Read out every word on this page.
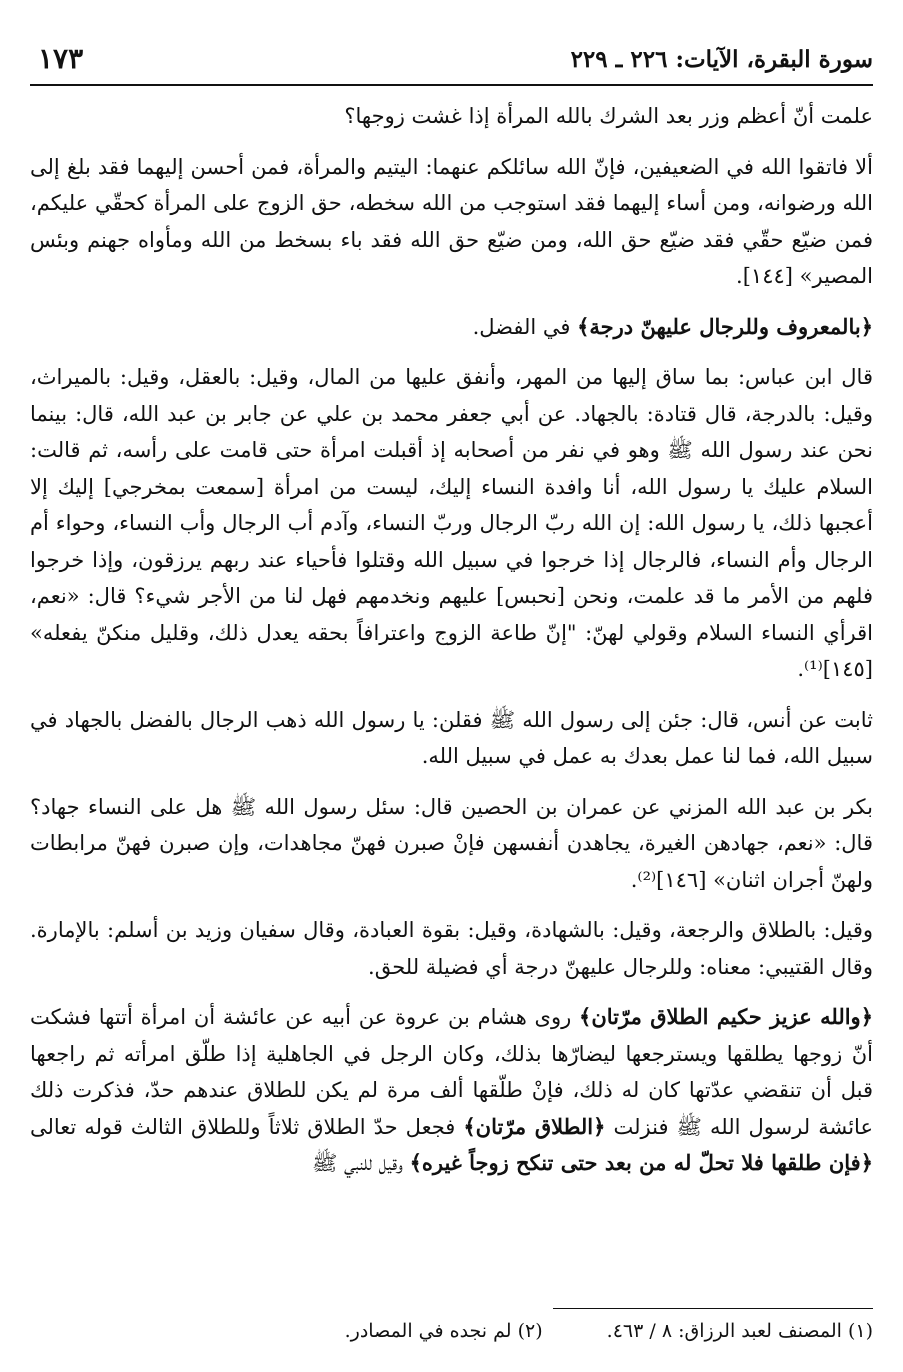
سورة البقرة، الآيات: ٢٢٦ ـ ٢٢٩
١٧٣

علمت أنّ أعظم وزر بعد الشرك بالله المرأة إذا غشت زوجها؟

ألا فاتقوا الله في الضعيفين، فإنّ الله سائلكم عنهما: اليتيم والمرأة، فمن أحسن إليهما فقد بلغ إلى الله ورضوانه، ومن أساء إليهما فقد استوجب من الله سخطه، حق الزوج على المرأة كحقّي عليكم، فمن ضيّع حقّي فقد ضيّع حق الله، ومن ضيّع حق الله فقد باء بسخط من الله ومأواه جهنم وبئس المصير» [١٤٤].

﴿بالمعروف وللرجال عليهنّ درجة﴾ في الفضل.

قال ابن عباس: بما ساق إليها من المهر، وأنفق عليها من المال، وقيل: بالعقل، وقيل: بالميراث، وقيل: بالدرجة، قال قتادة: بالجهاد. عن أبي جعفر محمد بن علي عن جابر بن عبد الله، قال: بينما نحن عند رسول الله ﷺ وهو في نفر من أصحابه إذ أقبلت امرأة حتى قامت على رأسه، ثم قالت: السلام عليك يا رسول الله، أنا وافدة النساء إليك، ليست من امرأة [سمعت بمخرجي] إليك إلا أعجبها ذلك، يا رسول الله: إن الله ربّ الرجال وربّ النساء، وآدم أب الرجال وأب النساء، وحواء أم الرجال وأم النساء، فالرجال إذا خرجوا في سبيل الله وقتلوا فأحياء عند ربهم يرزقون، وإذا خرجوا فلهم من الأمر ما قد علمت، ونحن [نحبس] عليهم ونخدمهم فهل لنا من الأجر شيء؟ قال: «نعم، اقرأي النساء السلام وقولي لهنّ: "إنّ طاعة الزوج واعترافاً بحقه يعدل ذلك، وقليل منكنّ يفعله» [١٤٥]⁽¹⁾.

ثابت عن أنس، قال: جئن إلى رسول الله ﷺ فقلن: يا رسول الله ذهب الرجال بالفضل بالجهاد في سبيل الله، فما لنا عمل بعدك به عمل في سبيل الله.

بكر بن عبد الله المزني عن عمران بن الحصين قال: سئل رسول الله ﷺ هل على النساء جهاد؟ قال: «نعم، جهادهن الغيرة، يجاهدن أنفسهن فإنْ صبرن فهنّ مجاهدات، وإن صبرن فهنّ مرابطات ولهنّ أجران اثنان» [١٤٦]⁽²⁾.

وقيل: بالطلاق والرجعة، وقيل: بالشهادة، وقيل: بقوة العبادة، وقال سفيان وزيد بن أسلم: بالإمارة. وقال القتيبي: معناه: وللرجال عليهنّ درجة أي فضيلة للحق.

﴿والله عزيز حكيم الطلاق مرّتان﴾ روى هشام بن عروة عن أبيه عن عائشة أن امرأة أتتها فشكت أنّ زوجها يطلقها ويسترجعها ليضارّها بذلك، وكان الرجل في الجاهلية إذا طلّق امرأته ثم راجعها قبل أن تنقضي عدّتها كان له ذلك، فإنْ طلّقها ألف مرة لم يكن للطلاق عندهم حدّ، فذكرت ذلك عائشة لرسول الله ﷺ فنزلت ﴿الطلاق مرّتان﴾ فجعل حدّ الطلاق ثلاثاً وللطلاق الثالث قوله تعالى ﴿فإن طلقها فلا تحلّ له من بعد حتى تنكح زوجاً غيره﴾ وقيل للنبي ﷺ

(١) المصنف لعبد الرزاق: ٨ / ٤٦٣.
(٢) لم نجده في المصادر.
